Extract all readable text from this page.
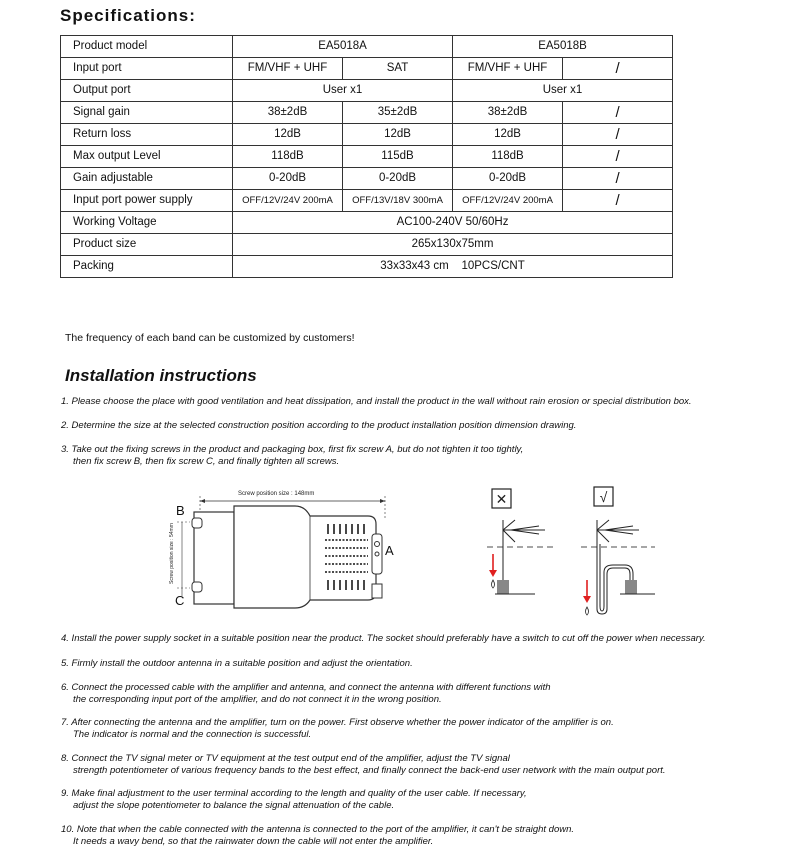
Specifications:
Product model	EA5018A		EA5018B	
Input port	FM/VHF + UHF	SAT	FM/VHF + UHF	/
Output port	User x1		User x1	
Signal gain	38±2dB	35±2dB	38±2dB	/
Return loss	12dB	12dB	12dB	/
Max output Level	118dB	115dB	118dB	/
Gain adjustable	0-20dB	0-20dB	0-20dB	/
Input port power supply	OFF/12V/24V 200mA	OFF/13V/18V 300mA	OFF/12V/24V 200mA	/
Working Voltage	AC100-240V 50/60Hz			
Product size	265x130x75mm			
Packing	33x33x43 cm    10PCS/CNT			
The frequency of each band can be customized by customers!
Installation instructions
1. Please choose the place with good ventilation and heat dissipation, and install the product in the wall without rain erosion or special distribution box.
2. Determine the size at the selected construction position according to the product installation position dimension drawing.
3. Take out the fixing screws in the product and packaging box, first fix screw A, but do not tighten it too tightly,
then fix screw B, then fix screw C, and finally tighten all screws.
Screw position size : 148mm
Screw position size : 54mm
B
C
A
✕	√
4. Install the power supply socket in a suitable position near the product. The socket should preferably have a switch to cut off the power when necessary.
5. Firmly install the outdoor antenna in a suitable position and adjust the orientation.
6. Connect the processed cable with the amplifier and antenna, and connect the antenna with different functions with
the corresponding input port of the amplifier, and do not connect it in the wrong position.
7. After connecting the antenna and the amplifier, turn on the power. First observe whether the power indicator of the amplifier is on.
The indicator is normal and the connection is successful.
8. Connect the TV signal meter or TV equipment at the test output end of the amplifier, adjust the TV signal
strength potentiometer of various frequency bands to the best effect, and finally connect the back-end user network with the main output port.
9. Make final adjustment to the user terminal according to the length and quality of the user cable. If necessary,
adjust the slope potentiometer to balance the signal attenuation of the cable.
10. Note that when the cable connected with the antenna is connected to the port of the amplifier, it can't be straight down.
It needs a wavy bend, so that the rainwater down the cable will not enter the amplifier.
